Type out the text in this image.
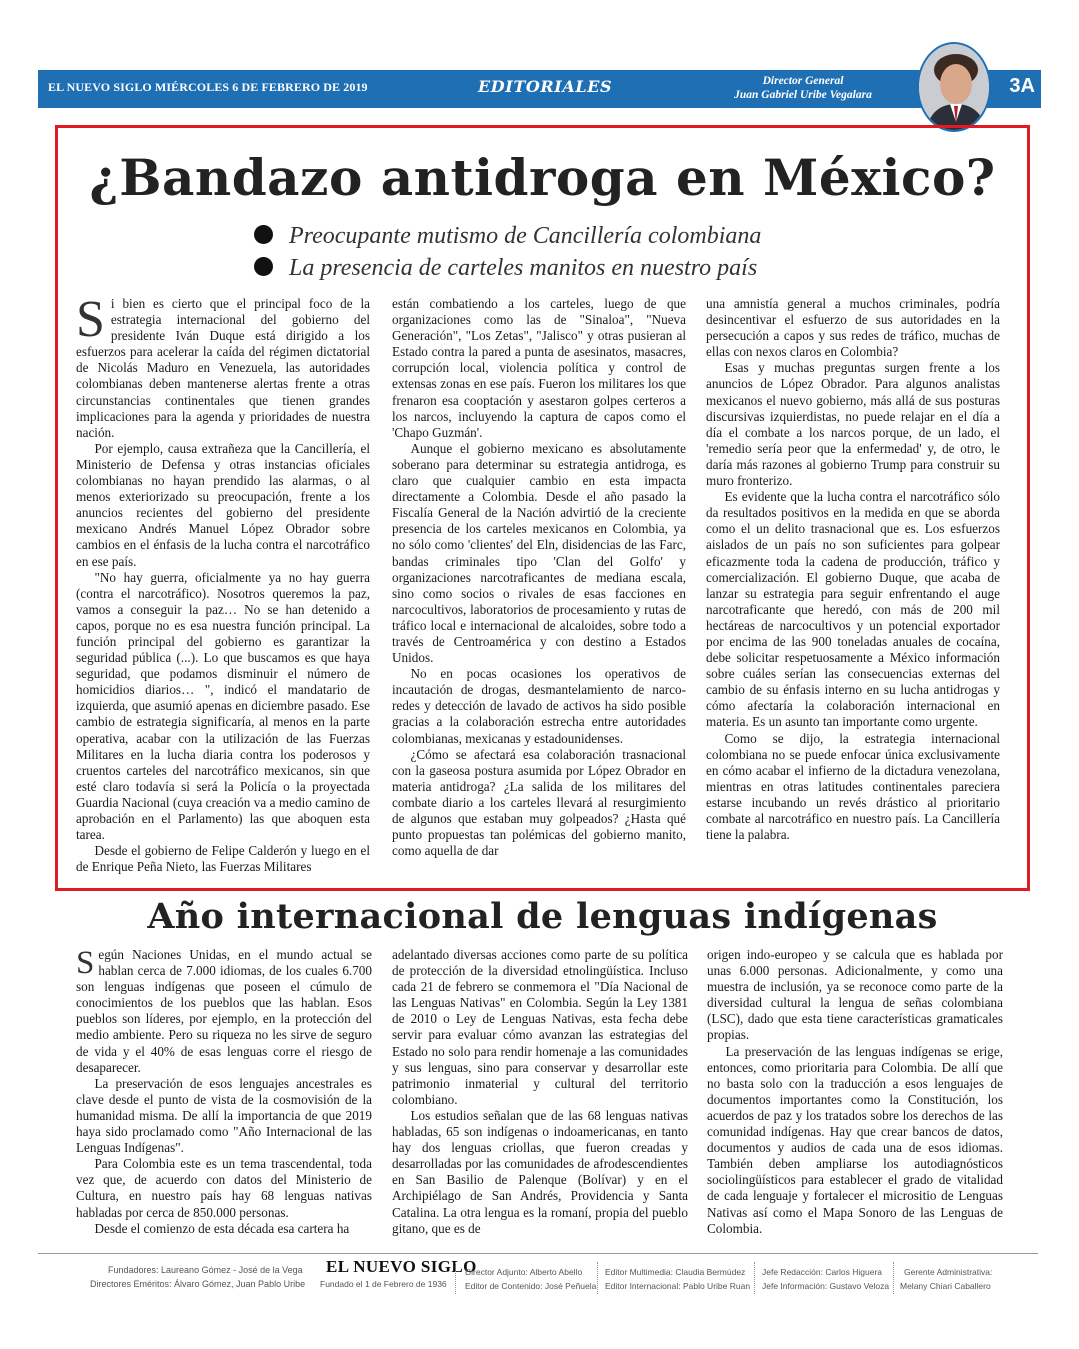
EL NUEVO SIGLO MIÉRCOLES 6 DE FEBRERO DE 2019	EDITORIALES	Director General
Juan Gabriel Uribe Vegalara	3A
¿Bandazo antidroga en México?
Preocupante mutismo de Cancillería colombiana
La presencia de carteles manitos en nuestro país

Si bien es cierto que el principal foco de la estrategia internacional del gobierno del presidente Iván Duque está dirigido a los esfuerzos para acelerar la caída del régimen dictatorial de Nicolás Maduro en Venezuela, las autoridades colombianas deben mantenerse alertas frente a otras circunstancias continentales que tienen grandes implicaciones para la agenda y prioridades de nuestra nación.

Por ejemplo, causa extrañeza que la Cancillería, el Ministerio de Defensa y otras instancias oficiales colombianas no hayan prendido las alarmas, o al menos exteriorizado su preocupación, frente a los anuncios recientes del gobierno del presidente mexicano Andrés Manuel López Obrador sobre cambios en el énfasis de la lucha contra el narcotráfico en ese país.

"No hay guerra, oficialmente ya no hay guerra (contra el narcotráfico). Nosotros queremos la paz, vamos a conseguir la paz… No se han detenido a capos, porque no es esa nuestra función principal. La función principal del gobierno es garantizar la seguridad pública (...). Lo que buscamos es que haya seguridad, que podamos disminuir el número de homicidios diarios… ", indicó el mandatario de izquierda, que asumió apenas en diciembre pasado. Ese cambio de estrategia significaría, al menos en la parte operativa, acabar con la utilización de las Fuerzas Militares en la lucha diaria contra los poderosos y cruentos carteles del narcotráfico mexicanos, sin que esté claro todavía si será la Policía o la proyectada Guardia Nacional (cuya creación va a medio camino de aprobación en el Parlamento) las que aboquen esta tarea.

Desde el gobierno de Felipe Calderón y luego en el de Enrique Peña Nieto, las Fuerzas Militares

están combatiendo a los carteles, luego de que organizaciones como las de "Sinaloa", "Nueva Generación", "Los Zetas", "Jalisco" y otras pusieran al Estado contra la pared a punta de asesinatos, masacres, corrupción local, violencia política y control de extensas zonas en ese país. Fueron los militares los que frenaron esa cooptación y asestaron golpes certeros a los narcos, incluyendo la captura de capos como el 'Chapo Guzmán'.

Aunque el gobierno mexicano es absolutamente soberano para determinar su estrategia antidroga, es claro que cualquier cambio en esta impacta directamente a Colombia. Desde el año pasado la Fiscalía General de la Nación advirtió de la creciente presencia de los carteles mexicanos en Colombia, ya no sólo como 'clientes' del Eln, disidencias de las Farc, bandas criminales tipo 'Clan del Golfo' y organizaciones narcotraficantes de mediana escala, sino como socios o rivales de esas facciones en narcocultivos, laboratorios de procesamiento y rutas de tráfico local e internacional de alcaloides, sobre todo a través de Centroamérica y con destino a Estados Unidos.

No en pocas ocasiones los operativos de incautación de drogas, desmantelamiento de narco-redes y detección de lavado de activos ha sido posible gracias a la colaboración estrecha entre autoridades colombianas, mexicanas y estadounidenses.

¿Cómo se afectará esa colaboración trasnacional con la gaseosa postura asumida por López Obrador en materia antidroga? ¿La salida de los militares del combate diario a los carteles llevará al resurgimiento de algunos que estaban muy golpeados? ¿Hasta qué punto propuestas tan polémicas del gobierno manito, como aquella de dar

una amnistía general a muchos criminales, podría desincentivar el esfuerzo de sus autoridades en la persecución a capos y sus redes de tráfico, muchas de ellas con nexos claros en Colombia?

Esas y muchas preguntas surgen frente a los anuncios de López Obrador. Para algunos analistas mexicanos el nuevo gobierno, más allá de sus posturas discursivas izquierdistas, no puede relajar en el día a día el combate a los narcos porque, de un lado, el 'remedio sería peor que la enfermedad' y, de otro, le daría más razones al gobierno Trump para construir su muro fronterizo.

Es evidente que la lucha contra el narcotráfico sólo da resultados positivos en la medida en que se aborda como el un delito trasnacional que es. Los esfuerzos aislados de un país no son suficientes para golpear eficazmente toda la cadena de producción, tráfico y comercialización. El gobierno Duque, que acaba de lanzar su estrategia para seguir enfrentando el auge narcotraficante que heredó, con más de 200 mil hectáreas de narcocultivos y un potencial exportador por encima de las 900 toneladas anuales de cocaína, debe solicitar respetuosamente a México información sobre cuáles serían las consecuencias externas del cambio de su énfasis interno en su lucha antidrogas y cómo afectaría la colaboración internacional en materia. Es un asunto tan importante como urgente.

Como se dijo, la estrategia internacional colombiana no se puede enfocar única exclusivamente en cómo acabar el infierno de la dictadura venezolana, mientras en otras latitudes continentales pareciera estarse incubando un revés drástico al prioritario combate al narcotráfico en nuestro país. La Cancillería tiene la palabra.

Año internacional de lenguas indígenas

Según Naciones Unidas, en el mundo actual se hablan cerca de 7.000 idiomas, de los cuales 6.700 son lenguas indígenas que poseen el cúmulo de conocimientos de los pueblos que las hablan. Esos pueblos son líderes, por ejemplo, en la protección del medio ambiente. Pero su riqueza no les sirve de seguro de vida y el 40% de esas lenguas corre el riesgo de desaparecer.

La preservación de esos lenguajes ancestrales es clave desde el punto de vista de la cosmovisión de la humanidad misma. De allí la importancia de que 2019 haya sido proclamado como "Año Internacional de las Lenguas Indígenas".

Para Colombia este es un tema trascendental, toda vez que, de acuerdo con datos del Ministerio de Cultura, en nuestro país hay 68 lenguas nativas habladas por cerca de 850.000 personas.

Desde el comienzo de esta década esa cartera ha

adelantado diversas acciones como parte de su política de protección de la diversidad etnolingüística. Incluso cada 21 de febrero se conmemora el "Día Nacional de las Lenguas Nativas" en Colombia. Según la Ley 1381 de 2010 o Ley de Lenguas Nativas, esta fecha debe servir para evaluar cómo avanzan las estrategias del Estado no solo para rendir homenaje a las comunidades y sus lenguas, sino para conservar y desarrollar este patrimonio inmaterial y cultural del territorio colombiano.

Los estudios señalan que de las 68 lenguas nativas habladas, 65 son indígenas o indoamericanas, en tanto hay dos lenguas criollas, que fueron creadas y desarrolladas por las comunidades de afrodescendientes en San Basilio de Palenque (Bolívar) y en el Archipiélago de San Andrés, Providencia y Santa Catalina. La otra lengua es la romaní, propia del pueblo gitano, que es de

origen indo-europeo y se calcula que es hablada por unas 6.000 personas. Adicionalmente, y como una muestra de inclusión, ya se reconoce como parte de la diversidad cultural la lengua de señas colombiana (LSC), dado que esta tiene características gramaticales propias.

La preservación de las lenguas indígenas se erige, entonces, como prioritaria para Colombia. De allí que no basta solo con la traducción a esos lenguajes de documentos importantes como la Constitución, los acuerdos de paz y los tratados sobre los derechos de las comunidad indígenas. Hay que crear bancos de datos, documentos y audios de cada una de esos idiomas. También deben ampliarse los autodiagnósticos sociolingüísticos para establecer el grado de vitalidad de cada lenguaje y fortalecer el micrositio de Lenguas Nativas así como el Mapa Sonoro de las Lenguas de Colombia.

Fundadores: Laureano Gómez - José de la Vega
Directores Eméritos: Álvaro Gómez, Juan Pablo Uribe
EL NUEVO SIGLO
Fundado el 1 de Febrero de 1936
Director Adjunto: Alberto Abello
Editor de Contenido: José Peñuela
Editor Multimedia: Claudia Bermúdez
Editor Internacional: Pablo Uribe Ruan
Jefe Redacción: Carlos Higuera
Jefe Información: Gustavo Veloza
Gerente Administrativa:
Melany Chiari Caballero
